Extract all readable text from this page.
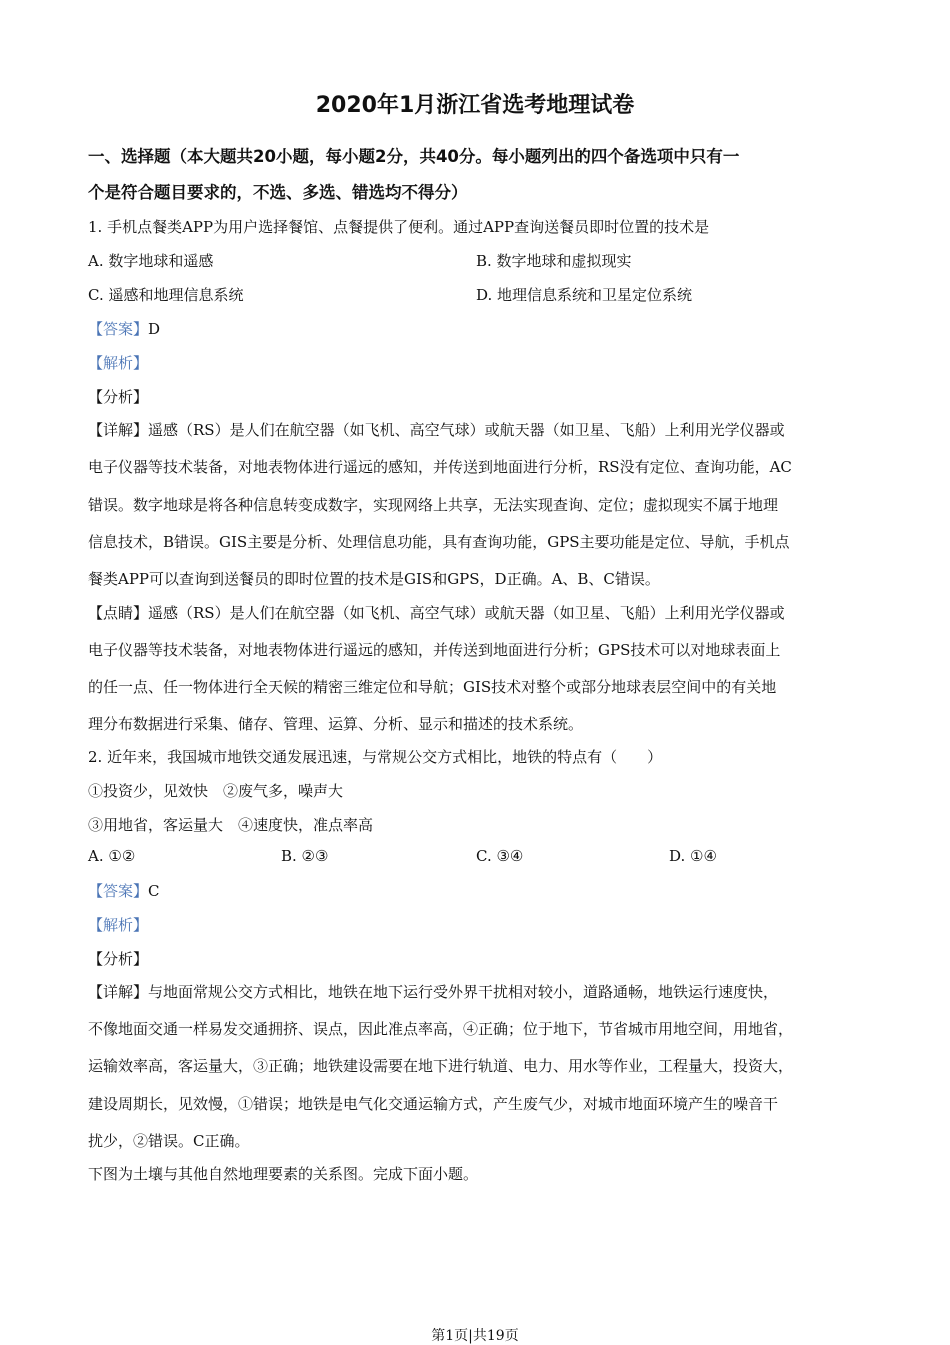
2020年1月浙江省选考地理试卷
一、选择题（本大题共20小题，每小题2分，共40分。每小题列出的四个备选项中只有一
个是符合题目要求的，不选、多选、错选均不得分）
1. 手机点餐类APP为用户选择餐馆、点餐提供了便利。通过APP查询送餐员即时位置的技术是
A. 数字地球和遥感	B. 数字地球和虚拟现实
C. 遥感和地理信息系统	D. 地理信息系统和卫星定位系统
【答案】D
【解析】
【分析】
【详解】遥感（RS）是人们在航空器（如飞机、高空气球）或航天器（如卫星、飞船）上利用光学仪器或
电子仪器等技术装备，对地表物体进行遥远的感知，并传送到地面进行分析，RS没有定位、查询功能，AC
错误。数字地球是将各种信息转变成数字，实现网络上共享，无法实现查询、定位；虚拟现实不属于地理
信息技术，B错误。GIS主要是分析、处理信息功能，具有查询功能，GPS主要功能是定位、导航，手机点
餐类APP可以查询到送餐员的即时位置的技术是GIS和GPS，D正确。A、B、C错误。
【点睛】遥感（RS）是人们在航空器（如飞机、高空气球）或航天器（如卫星、飞船）上利用光学仪器或
电子仪器等技术装备，对地表物体进行遥远的感知，并传送到地面进行分析；GPS技术可以对地球表面上
的任一点、任一物体进行全天候的精密三维定位和导航；GIS技术对整个或部分地球表层空间中的有关地
理分布数据进行采集、储存、管理、运算、分析、显示和描述的技术系统。
2. 近年来，我国城市地铁交通发展迅速，与常规公交方式相比，地铁的特点有（　　）
①投资少，见效快　②废气多，噪声大
③用地省，客运量大　④速度快，准点率高
A. ①②	B. ②③	C. ③④	D. ①④
【答案】C
【解析】
【分析】
【详解】与地面常规公交方式相比，地铁在地下运行受外界干扰相对较小，道路通畅，地铁运行速度快，
不像地面交通一样易发交通拥挤、误点，因此准点率高，④正确；位于地下，节省城市用地空间，用地省，
运输效率高，客运量大，③正确；地铁建设需要在地下进行轨道、电力、用水等作业，工程量大，投资大，
建设周期长，见效慢，①错误；地铁是电气化交通运输方式，产生废气少，对城市地面环境产生的噪音干
扰少，②错误。C正确。
下图为土壤与其他自然地理要素的关系图。完成下面小题。
第1页|共19页
